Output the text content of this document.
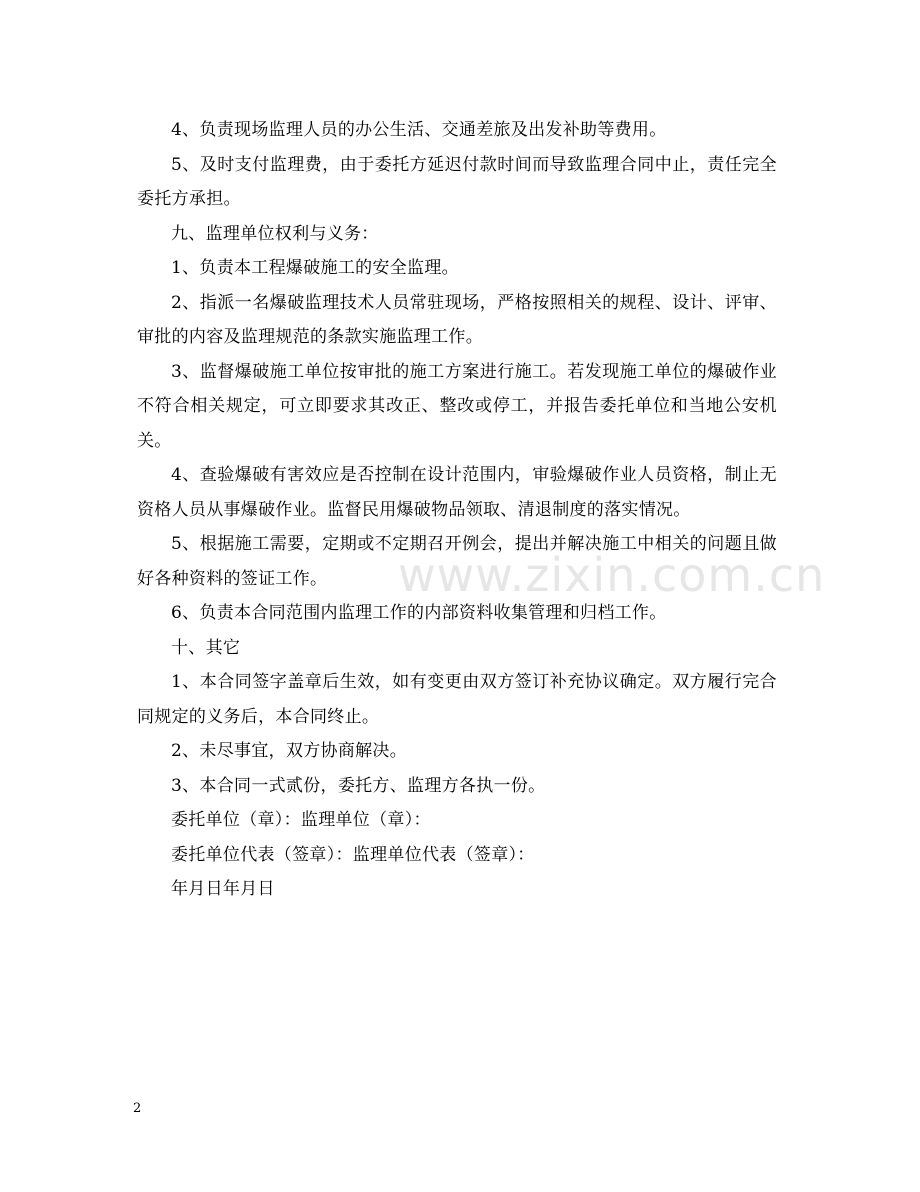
www.zixin.com.cn

4、负责现场监理人员的办公生活、交通差旅及出发补助等费用。

5、及时支付监理费，由于委托方延迟付款时间而导致监理合同中止，责任完全委托方承担。

九、监理单位权利与义务：

1、负责本工程爆破施工的安全监理。

2、指派一名爆破监理技术人员常驻现场，严格按照相关的规程、设计、评审、审批的内容及监理规范的条款实施监理工作。

3、监督爆破施工单位按审批的施工方案进行施工。若发现施工单位的爆破作业不符合相关规定，可立即要求其改正、整改或停工，并报告委托单位和当地公安机关。

4、查验爆破有害效应是否控制在设计范围内，审验爆破作业人员资格，制止无资格人员从事爆破作业。监督民用爆破物品领取、清退制度的落实情况。

5、根据施工需要，定期或不定期召开例会，提出并解决施工中相关的问题且做好各种资料的签证工作。

6、负责本合同范围内监理工作的内部资料收集管理和归档工作。

十、其它

1、本合同签字盖章后生效，如有变更由双方签订补充协议确定。双方履行完合同规定的义务后，本合同终止。

2、未尽事宜，双方协商解决。

3、本合同一式贰份，委托方、监理方各执一份。

委托单位（章）：监理单位（章）：

委托单位代表（签章）：监理单位代表（签章）：

年月日年月日

2
